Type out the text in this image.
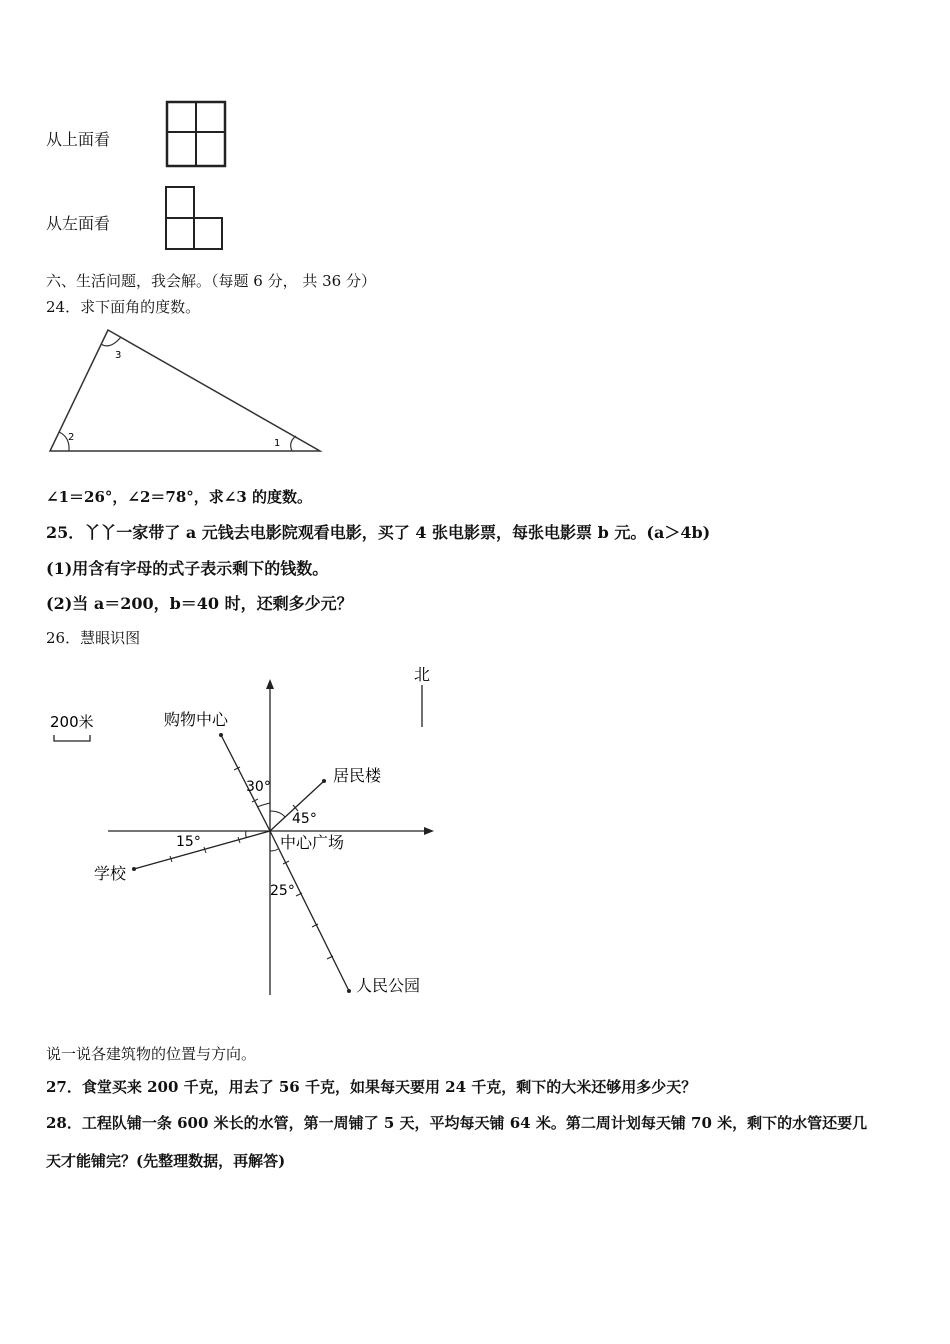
从上面看
从左面看
六、生活问题，我会解。（每题 6 分， 共 36 分）
24．求下面角的度数。
3
2
1
∠1＝26°，∠2＝78°，求∠3 的度数。
25．丫丫一家带了 a 元钱去电影院观看电影，买了 4 张电影票，每张电影票 b 元。(a＞4b)
(1)用含有字母的式子表示剩下的钱数。
(2)当 a＝200，b＝40 时，还剩多少元？
26．慧眼识图
北
200米	购物中心
居民楼
中心广场
学校
人民公园
30°
45°
15°
25°
说一说各建筑物的位置与方向。
27．食堂买来 200 千克，用去了 56 千克，如果每天要用 24 千克，剩下的大米还够用多少天？
28．工程队铺一条 600 米长的水管，第一周铺了 5 天，平均每天铺 64 米。第二周计划每天铺 70 米，剩下的水管还要几
天才能铺完？(先整理数据，再解答)
